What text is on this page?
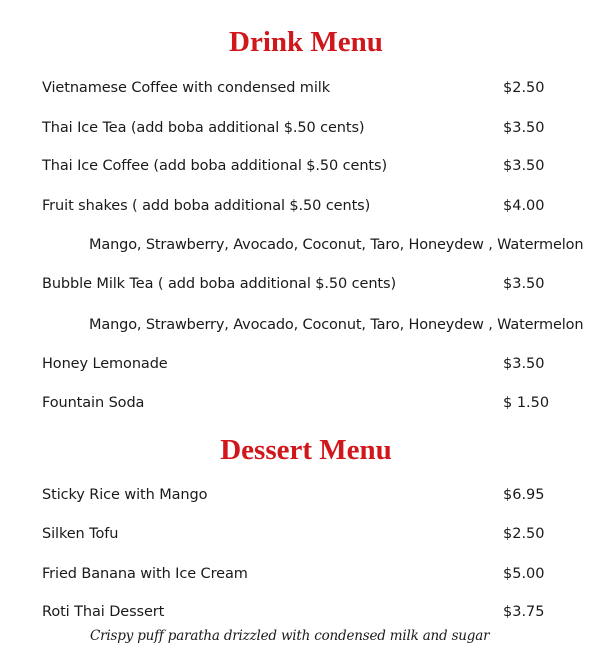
Drink Menu
Vietnamese Coffee with condensed milk	$2.50
Thai Ice Tea (add boba additional $.50 cents)	$3.50
Thai Ice Coffee (add boba additional $.50 cents)	$3.50
Fruit shakes ( add boba additional $.50 cents)	$4.00
Mango, Strawberry, Avocado, Coconut, Taro, Honeydew , Watermelon
Bubble Milk Tea ( add boba additional $.50 cents)	$3.50
Mango, Strawberry, Avocado, Coconut, Taro, Honeydew , Watermelon
Honey Lemonade	$3.50
Fountain Soda	$ 1.50
Dessert Menu
Sticky Rice with Mango	$6.95
Silken Tofu	$2.50
Fried Banana with Ice Cream	$5.00
Roti Thai Dessert	$3.75
Crispy puff paratha drizzled with condensed milk and sugar
